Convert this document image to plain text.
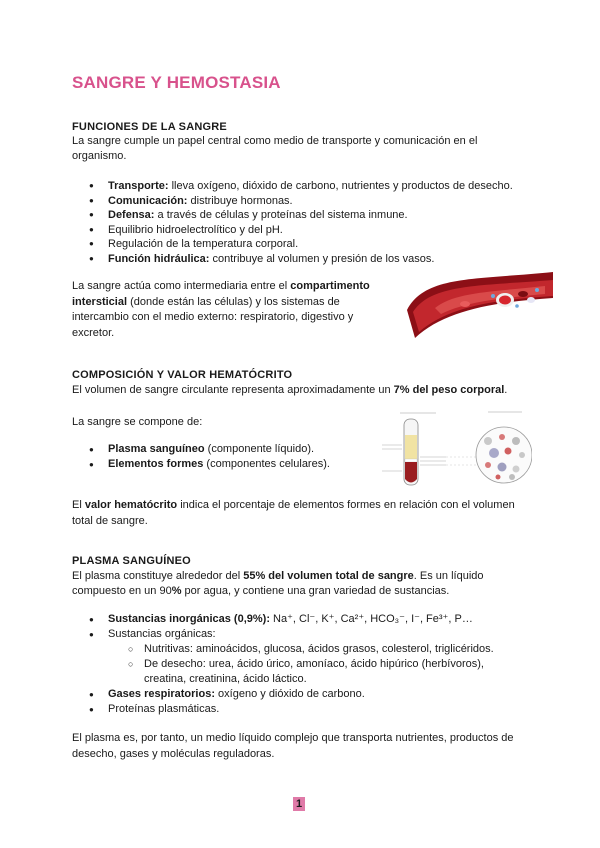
SANGRE Y HEMOSTASIA
FUNCIONES DE LA SANGRE
La sangre cumple un papel central como medio de transporte y comunicación en el
organismo.
● Transporte: lleva oxígeno, dióxido de carbono, nutrientes y productos de desecho.
● Comunicación: distribuye hormonas.
● Defensa: a través de células y proteínas del sistema inmune.
● Equilibrio hidroelectrolítico y del pH.
● Regulación de la temperatura corporal.
● Función hidráulica: contribuye al volumen y presión de los vasos.
La sangre actúa como intermediaria entre el compartimento
intersticial (donde están las células) y los sistemas de
intercambio con el medio externo: respiratorio, digestivo y
excretor.
COMPOSICIÓN Y VALOR HEMATÓCRITO
El volumen de sangre circulante representa aproximadamente un 7% del peso corporal.
La sangre se compone de:
● Plasma sanguíneo (componente líquido).
● Elementos formes (componentes celulares).
El valor hematócrito indica el porcentaje de elementos formes en relación con el volumen
total de sangre.
PLASMA SANGUÍNEO
El plasma constituye alrededor del 55% del volumen total de sangre. Es un líquido
compuesto en un 90% por agua, y contiene una gran variedad de sustancias.
● Sustancias inorgánicas (0,9%): Na⁺, Cl⁻, K⁺, Ca²⁺, HCO₃⁻, I⁻, Fe³⁺, P…
● Sustancias orgánicas:
○ Nutritivas: aminoácidos, glucosa, ácidos grasos, colesterol, triglicéridos.
○ De desecho: urea, ácido úrico, amoníaco, ácido hipúrico (herbívoros),
creatina, creatinina, ácido láctico.
● Gases respiratorios: oxígeno y dióxido de carbono.
● Proteínas plasmáticas.
El plasma es, por tanto, un medio líquido complejo que transporta nutrientes, productos de
desecho, gases y moléculas reguladoras.
1
